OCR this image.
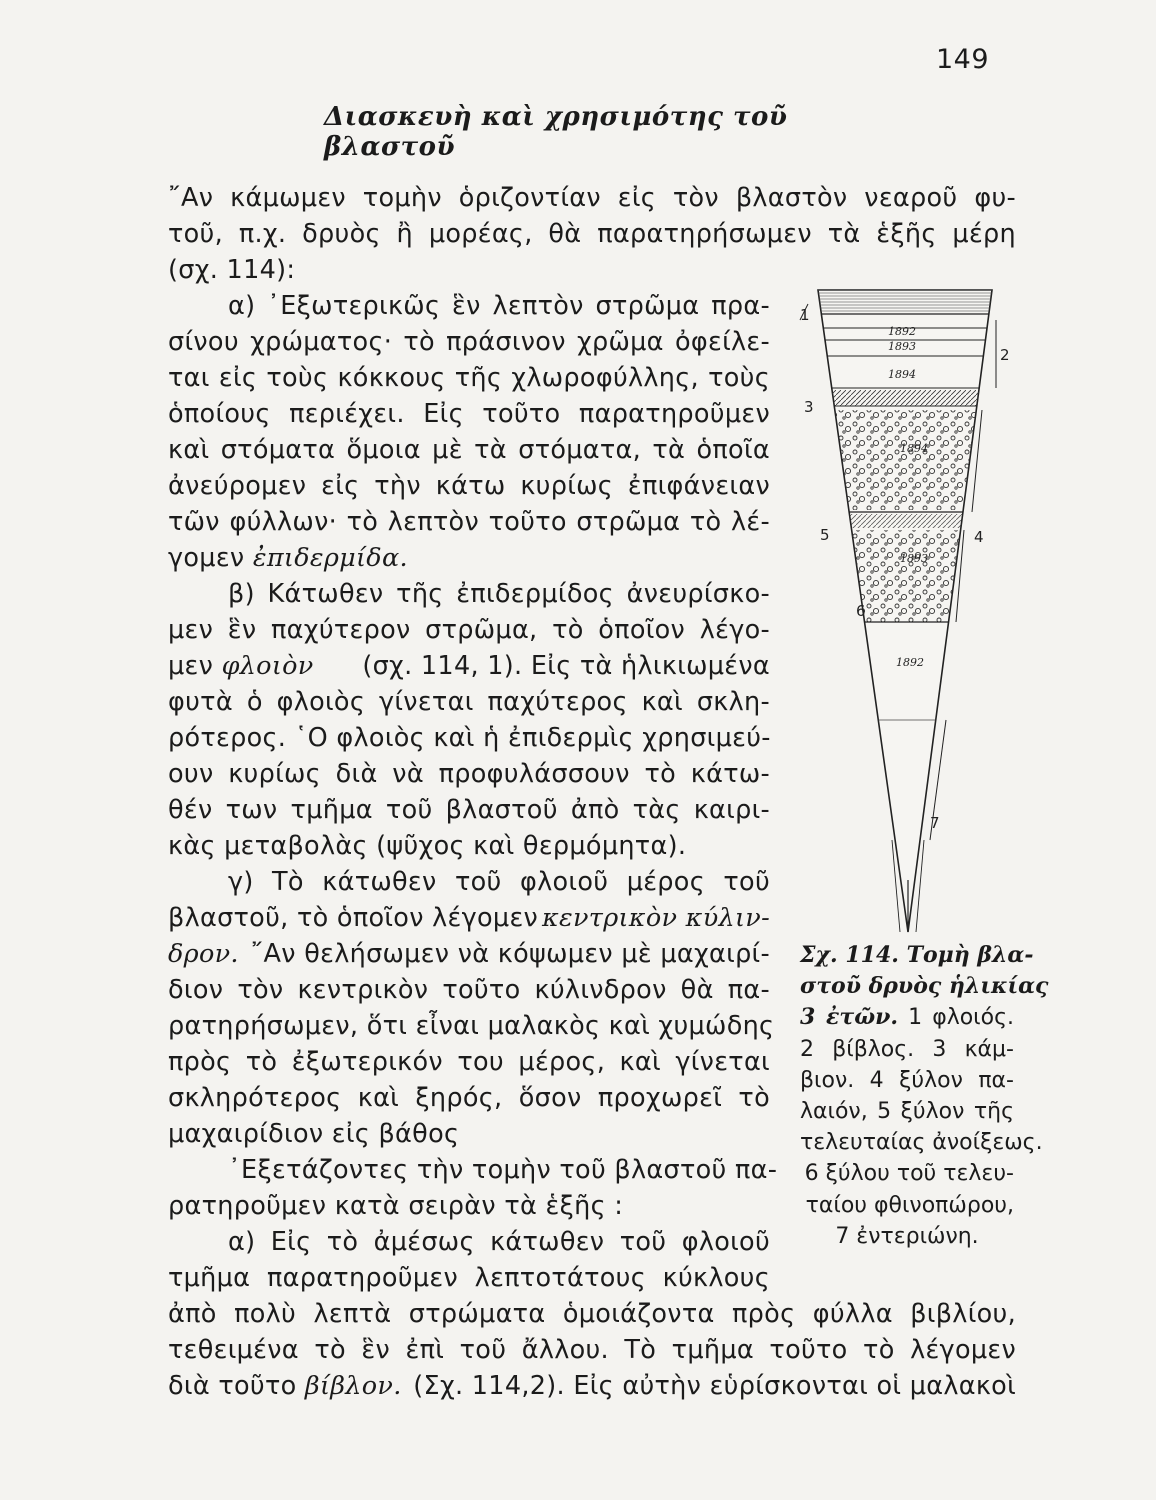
149
Διασκευὴ καὶ χρησιμότης τοῦ βλαστοῦ
῎Αν κάμωμεν τομὴν ὁριζοντίαν εἰς τὸν βλαστὸν νεαροῦ φυ-
τοῦ, π.χ. δρυὸς ἢ μορέας, θὰ παρατηρήσωμεν τὰ ἑξῆς μέρη
(σχ. 114):
α) ᾿Εξωτερικῶς ἓν λεπτὸν στρῶμα πρα-
σίνου χρώματος· τὸ πράσινον χρῶμα ὀφείλε-
ται εἰς τοὺς κόκκους τῆς χλωροφύλλης, τοὺς
ὁποίους περιέχει. Εἰς τοῦτο παρατηροῦμεν
καὶ στόματα ὅμοια μὲ τὰ στόματα, τὰ ὁποῖα
ἀνεύρομεν εἰς τὴν κάτω κυρίως ἐπιφάνειαν
τῶν φύλλων· τὸ λεπτὸν τοῦτο στρῶμα τὸ λέ-
γομεν ἐπιδερμίδα.
β) Κάτωθεν τῆς ἐπιδερμίδος ἀνευρίσκο-
μεν ἓν παχύτερον στρῶμα, τὸ ὁποῖον λέγο-
μεν φλοιὸν (σχ. 114, 1). Εἰς τὰ ἡλικιωμένα
φυτὰ ὁ φλοιὸς γίνεται παχύτερος καὶ σκλη-
ρότερος. ῾Ο φλοιὸς καὶ ἡ ἐπιδερμὶς χρησιμεύ-
ουν κυρίως διὰ νὰ προφυλάσσουν τὸ κάτω-
θέν των τμῆμα τοῦ βλαστοῦ ἀπὸ τὰς καιρι-
κὰς μεταβολὰς (ψῦχος καὶ θερμόμητα).
γ) Τὸ κάτωθεν τοῦ φλοιοῦ μέρος τοῦ
βλαστοῦ, τὸ ὁποῖον λέγομεν κεντρικὸν κύλιν-
δρον. ῎Αν θελήσωμεν νὰ κόψωμεν μὲ μαχαιρί-
διον τὸν κεντρικὸν τοῦτο κύλινδρον θὰ πα-
ρατηρήσωμεν, ὅτι εἶναι μαλακὸς καὶ χυμώδης
πρὸς τὸ ἐξωτερικόν του μέρος, καὶ γίνεται
σκληρότερος καὶ ξηρός, ὅσον προχωρεῖ τὸ
μαχαιρίδιον εἰς βάθος
᾿Εξετάζοντες τὴν τομὴν τοῦ βλαστοῦ πα-
ρατηροῦμεν κατὰ σειρὰν τὰ ἑξῆς :
α) Εἰς τὸ ἀμέσως κάτωθεν τοῦ φλοιοῦ
τμῆμα παρατηροῦμεν λεπτοτάτους κύκλους
ἀπὸ πολὺ λεπτὰ στρώματα ὁμοιάζοντα πρὸς φύλλα βιβλίου,
τεθειμένα τὸ ἓν ἐπὶ τοῦ ἄλλου. Τὸ τμῆμα τοῦτο τὸ λέγομεν
διὰ τοῦτο βίβλον. (Σχ. 114,2). Εἰς αὐτὴν εὑρίσκονται οἱ μαλακοὶ
1892
1893
1894
1894
1893
1892
1
2
3
4
5
6
7
Σχ. 114. Τομὴ βλα-
στοῦ δρυὸς ἡλικίας
3 ἐτῶν. 1 φλοιός.
2 βίβλος. 3 κάμ-
βιον. 4 ξύλον πα-
λαιόν, 5 ξύλον τῆς
τελευταίας ἀνοίξεως.
6 ξύλου τοῦ τελευ-
ταίου φθινοπώρου,
7 ἐντεριώνη.
